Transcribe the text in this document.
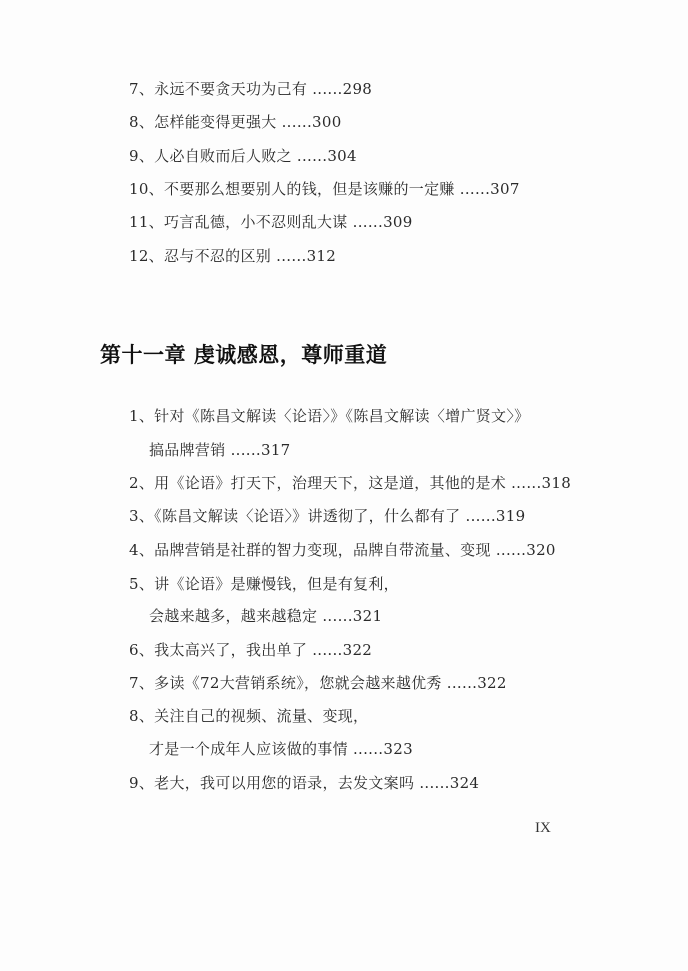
7、永远不要贪天功为己有 ......298
8、怎样能变得更强大 ......300
9、人必自败而后人败之 ......304
10、不要那么想要别人的钱，但是该赚的一定赚 ......307
11、巧言乱德，小不忍则乱大谋 ......309
12、忍与不忍的区别 ......312
第十一章 虔诚感恩，尊师重道
1、针对《陈昌文解读〈论语〉》《陈昌文解读〈增广贤文〉》
搞品牌营销 ......317
2、用《论语》打天下，治理天下，这是道，其他的是术 ......318
3、《陈昌文解读〈论语〉》讲透彻了，什么都有了 ......319
4、品牌营销是社群的智力变现，品牌自带流量、变现 ......320
5、讲《论语》是赚慢钱，但是有复利，
会越来越多，越来越稳定 ......321
6、我太高兴了，我出单了 ......322
7、多读《72大营销系统》，您就会越来越优秀 ......322
8、关注自己的视频、流量、变现，
才是一个成年人应该做的事情 ......323
9、老大，我可以用您的语录，去发文案吗 ......324
IX
